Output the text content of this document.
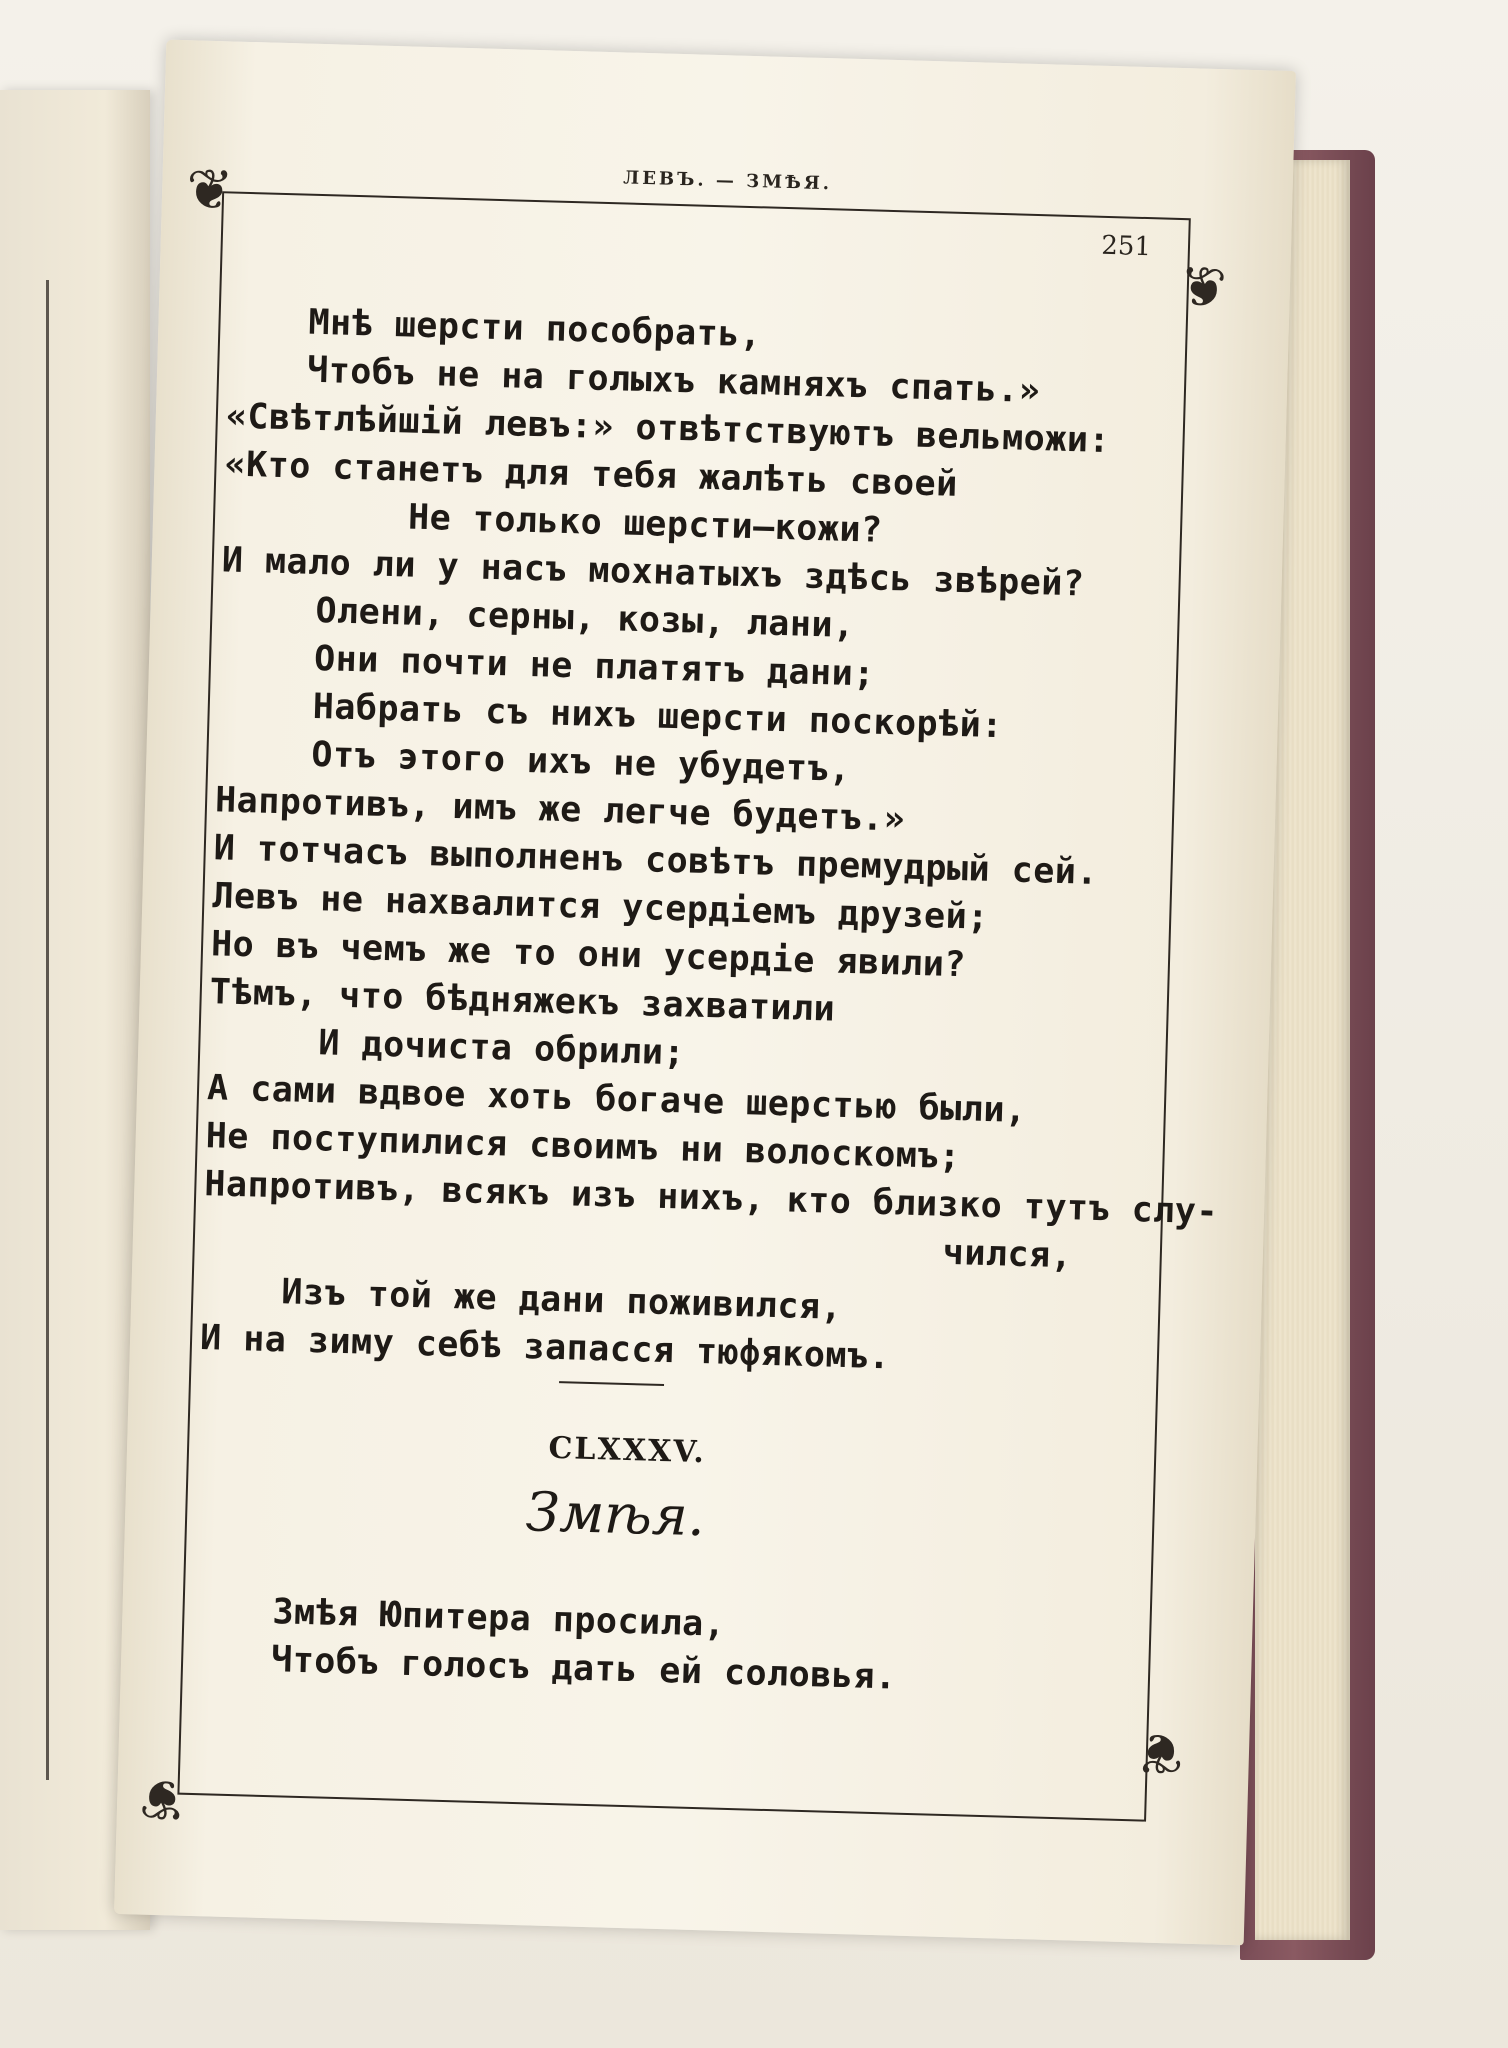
ЛЕВЪ. — ЗМѢЯ.
251
❦
❦
❦
❦
Мнѣ шерсти пособрать,
Чтобъ не на голыхъ камняхъ спать.»
«Свѣтлѣйшій левъ:» отвѣтствуютъ вельможи:
«Кто станетъ для тебя жалѣть своей
Не только шерсти—кожи?
И мало ли у насъ мохнатыхъ здѣсь звѣрей?
Олени, серны, козы, лани,
Они почти не платятъ дани;
Набрать съ нихъ шерсти поскорѣй:
Отъ этого ихъ не убудетъ,
Напротивъ, имъ же легче будетъ.»
И тотчасъ выполненъ совѣтъ премудрый сей.
Левъ не нахвалится усердіемъ друзей;
Но въ чемъ же то они усердіе явили?
Тѣмъ, что бѣдняжекъ захватили
И дочиста обрили;
А сами вдвое хоть богаче шерстью были,
Не поступилися своимъ ни волоскомъ;
Напротивъ, всякъ изъ нихъ, кто близко тутъ слу-
чился,
Изъ той же дани поживился,
И на зиму себѣ запасся тюфякомъ.
CLXXXV.
Змѣя.
Змѣя Юпитера просила,
Чтобъ голосъ дать ей соловья.
